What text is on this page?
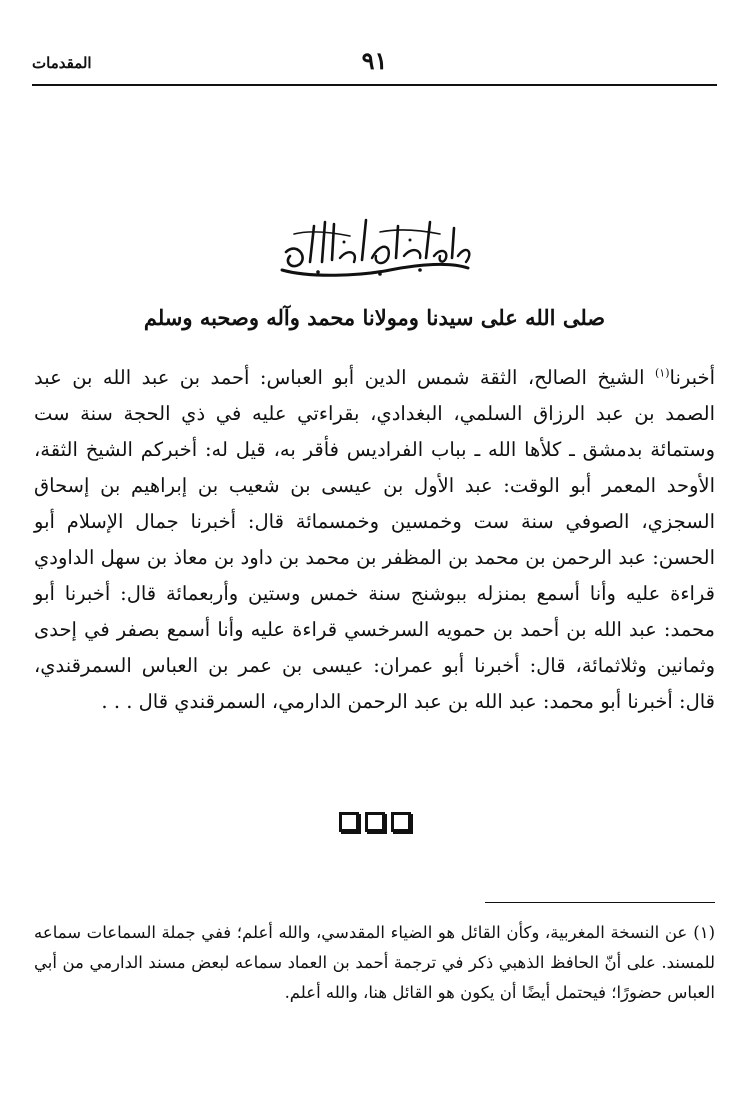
٩١
المقدمات
صلى الله على سيدنا ومولانا محمد وآله وصحبه وسلم
أخبرنا$^{(١)}$ الشيخ الصالح، الثقة شمس الدين أبو العباس: أحمد بن عبد الله بن عبد الصمد بن عبد الرزاق السلمي، البغدادي، بقراءتي عليه في ذي الحجة سنة ست وستمائة بدمشق ـ كلأها الله ـ بباب الفراديس فأقر به، قيل له: أخبركم الشيخ الثقة، الأوحد المعمر أبو الوقت: عبد الأول بن عيسى بن شعيب بن إبراهيم بن إسحاق السجزي، الصوفي سنة ست وخمسين وخمسمائة قال: أخبرنا جمال الإسلام أبو الحسن: عبد الرحمن بن محمد بن المظفر بن محمد بن داود بن معاذ بن سهل الداودي قراءة عليه وأنا أسمع بمنزله ببوشنج سنة خمس وستين وأربعمائة قال: أخبرنا أبو محمد: عبد الله بن أحمد بن حمويه السرخسي قراءة عليه وأنا أسمع بصفر في إحدى وثمانين وثلاثمائة، قال: أخبرنا أبو عمران: عيسى بن عمر بن العباس السمرقندي، قال: أخبرنا أبو محمد: عبد الله بن عبد الرحمن الدارمي، السمرقندي قال . . .
(١)عن النسخة المغربية، وكأن القائل هو الضياء المقدسي، والله أعلم؛ ففي جملة السماعات سماعه للمسند. على أنّ الحافظ الذهبي ذكر في ترجمة أحمد بن العماد سماعه لبعض مسند الدارمي من أبي العباس حضورًا؛ فيحتمل أيضًا أن يكون هو القائل هنا، والله أعلم.
